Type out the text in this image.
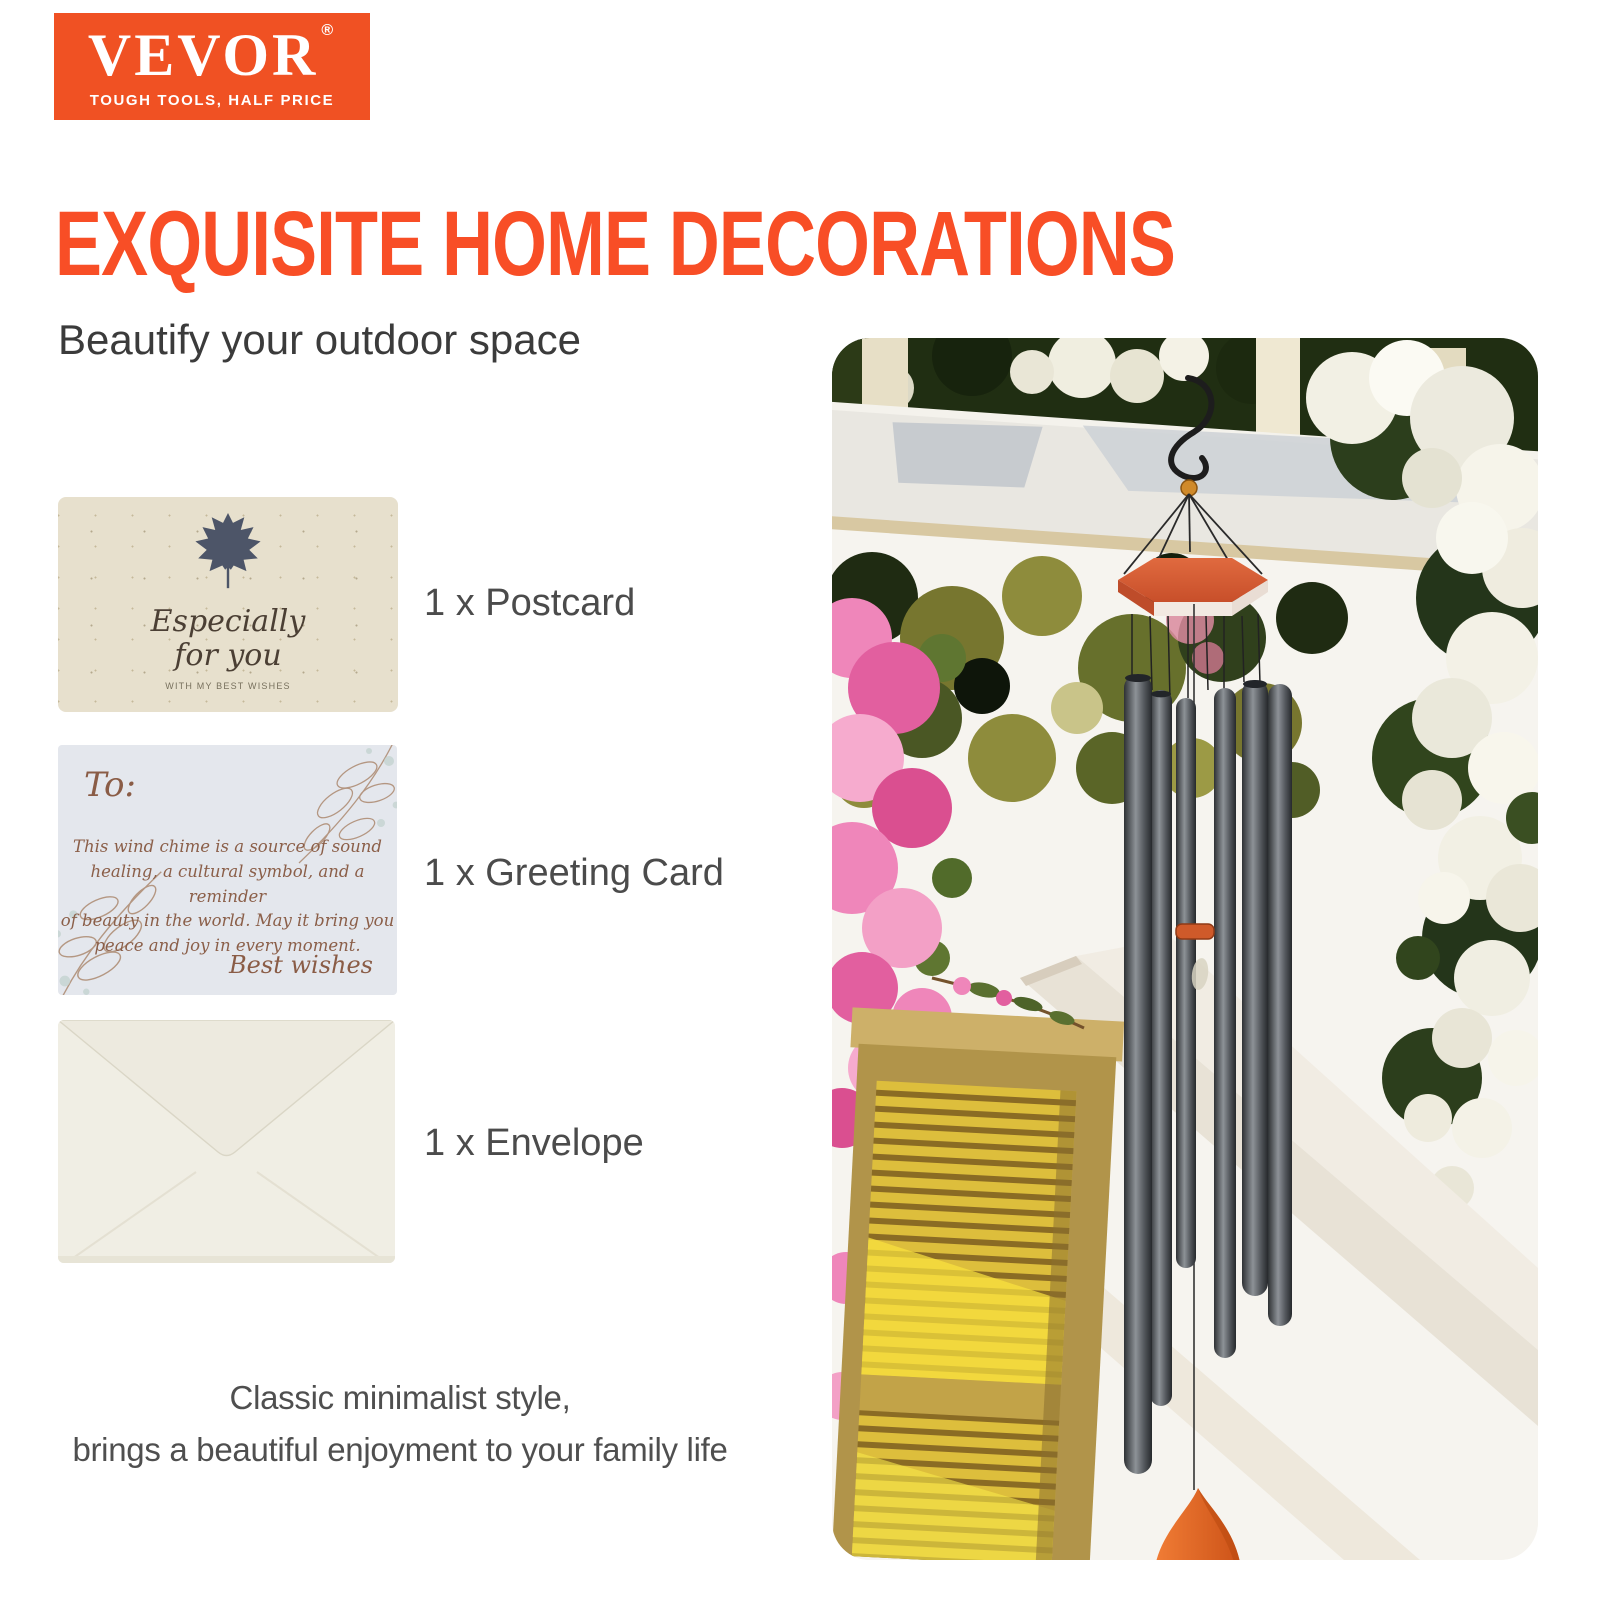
VEVOR ®
TOUGH TOOLS, HALF PRICE
EXQUISITE HOME DECORATIONS
Beautify your outdoor space
Especially
for you
WITH MY BEST WISHES
1 x Postcard
To:
This wind chime is a source of sound
healing, a cultural symbol, and a reminder
of beauty in the world. May it bring you
peace and joy in every moment.
Best wishes
1 x Greeting Card
1 x Envelope
Classic minimalist style,
brings a beautiful enjoyment to your family life
